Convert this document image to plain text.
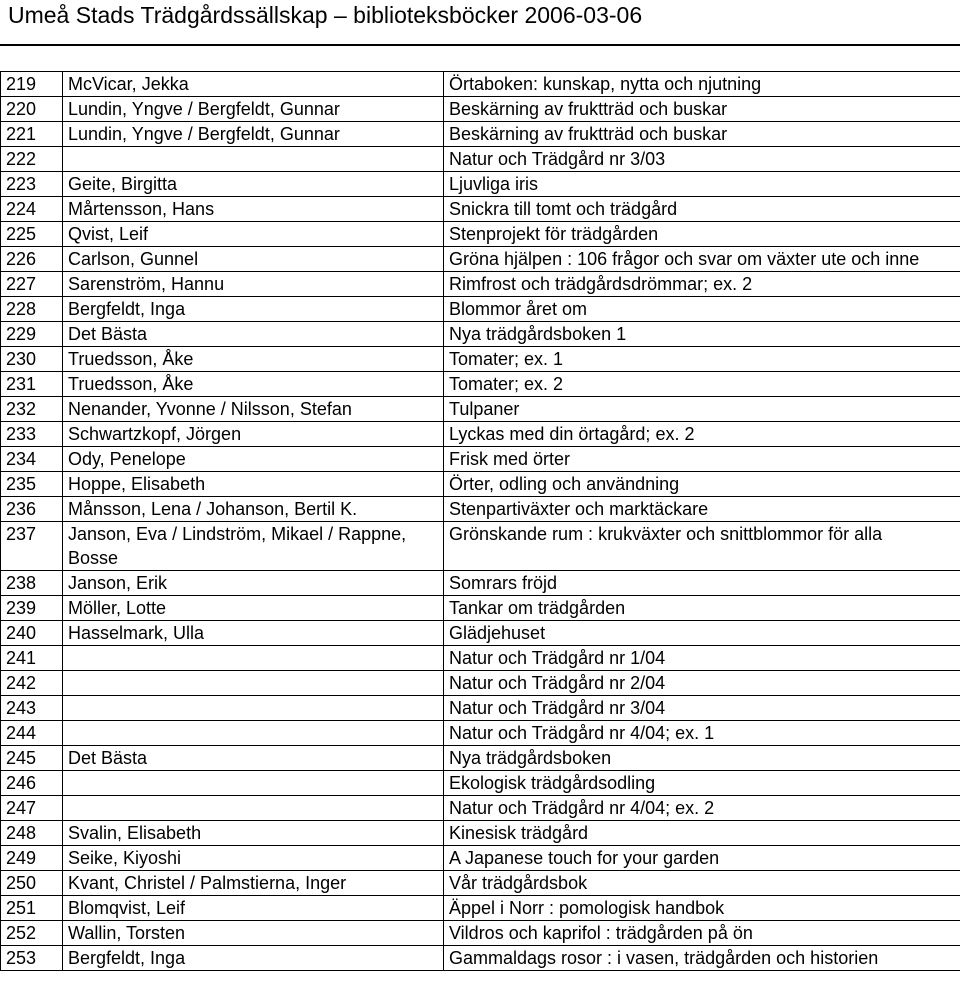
Umeå Stads Trädgårdssällskap – biblioteksböcker 2006-03-06
219	McVicar, Jekka	Örtaboken: kunskap, nytta och njutning
220	Lundin, Yngve / Bergfeldt, Gunnar	Beskärning av fruktträd och buskar
221	Lundin, Yngve / Bergfeldt, Gunnar	Beskärning av fruktträd och buskar
222		Natur och Trädgård nr 3/03
223	Geite, Birgitta	Ljuvliga iris
224	Mårtensson, Hans	Snickra till tomt och trädgård
225	Qvist, Leif	Stenprojekt för trädgården
226	Carlson, Gunnel	Gröna hjälpen : 106 frågor och svar om växter ute och inne
227	Sarenström, Hannu	Rimfrost och trädgårdsdrömmar; ex. 2
228	Bergfeldt, Inga	Blommor året om
229	Det Bästa	Nya trädgårdsboken 1
230	Truedsson, Åke	Tomater; ex. 1
231	Truedsson, Åke	Tomater; ex. 2
232	Nenander, Yvonne / Nilsson, Stefan	Tulpaner
233	Schwartzkopf, Jörgen	Lyckas med din örtagård; ex. 2
234	Ody, Penelope	Frisk med örter
235	Hoppe, Elisabeth	Örter, odling och användning
236	Månsson, Lena / Johanson, Bertil K.	Stenpartiväxter och marktäckare
237	Janson, Eva / Lindström, Mikael / Rappne, Bosse	Grönskande rum : krukväxter och snittblommor för alla
238	Janson, Erik	Somrars fröjd
239	Möller, Lotte	Tankar om trädgården
240	Hasselmark, Ulla	Glädjehuset
241		Natur och Trädgård nr 1/04
242		Natur och Trädgård nr 2/04
243		Natur och Trädgård nr 3/04
244		Natur och Trädgård nr 4/04; ex. 1
245	Det Bästa	Nya trädgårdsboken
246		Ekologisk trädgårdsodling
247		Natur och Trädgård nr 4/04; ex. 2
248	Svalin, Elisabeth	Kinesisk trädgård
249	Seike, Kiyoshi	A Japanese touch for your garden
250	Kvant, Christel / Palmstierna, Inger	Vår trädgårdsbok
251	Blomqvist, Leif	Äppel i Norr : pomologisk handbok
252	Wallin, Torsten	Vildros och kaprifol : trädgården på ön
253	Bergfeldt, Inga	Gammaldags rosor : i vasen, trädgården och historien
